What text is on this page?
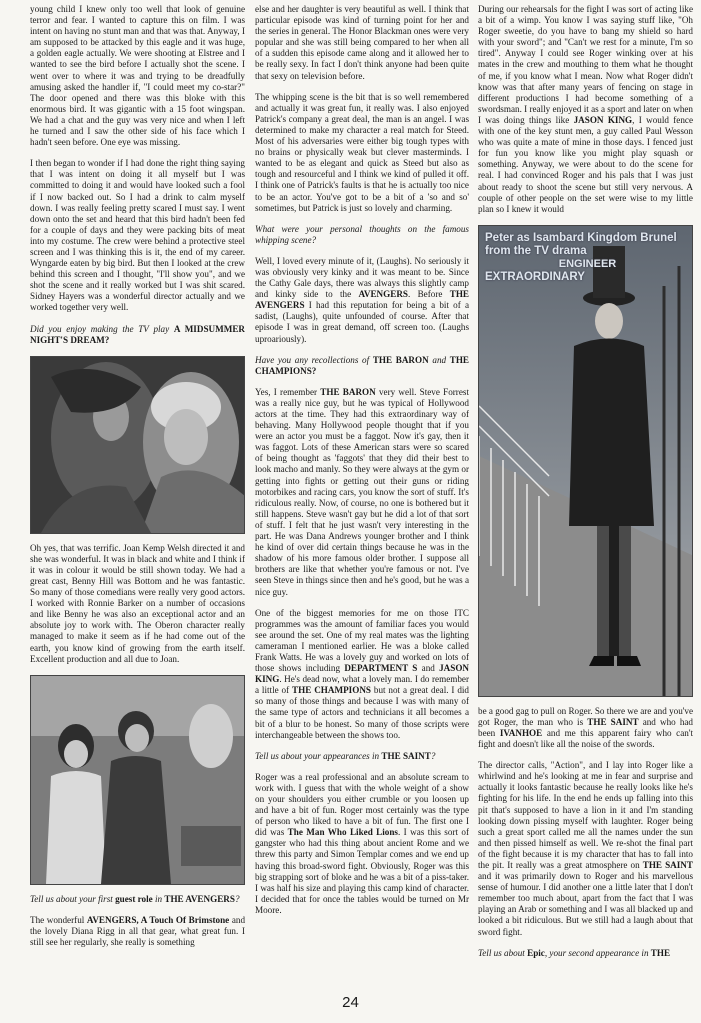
young child I knew only too well that look of genuine terror and fear. I wanted to capture this on film. I was intent on having no stunt man and that was that. Anyway, I am supposed to be attacked by this eagle and it was huge, a golden eagle actually. We were shooting at Elstree and I wanted to see the bird before I actually shot the scene. I went over to where it was and trying to be dreadfully amusing asked the handler if, "I could meet my co-star?" The door opened and there was this bloke with this enormous bird. It was gigantic with a 15 foot wingspan. We had a chat and the guy was very nice and when I left he turned and I saw the other side of his face which I hadn't seen before. One eye was missing.

I then began to wonder if I had done the right thing saying that I was intent on doing it all myself but I was committed to doing it and would have looked such a fool if I now backed out. So I had a drink to calm myself down. I was really feeling pretty scared I must say. I went down onto the set and heard that this bird hadn't been fed for a couple of days and they were packing bits of meat into my costume. The crew were behind a protective steel screen and I was thinking this is it, the end of my career. Wyngarde eaten by big bird. But then I looked at the crew behind this screen and I thought, "I'll show you", and we shot the scene and it really worked but I was shit scared. Sidney Hayers was a wonderful director actually and we worked together very well.

Did you enjoy making the TV play A MIDSUMMER NIGHT'S DREAM?

Oh yes, that was terrific. Joan Kemp Welsh directed it and she was wonderful. It was in black and white and I think if it was in colour it would be still shown today. We had a great cast, Benny Hill was Bottom and he was fantastic. So many of those comedians were really very good actors. I worked with Ronnie Barker on a number of occasions and like Benny he was also an exceptional actor and an absolute joy to work with. The Oberon character really managed to make it seem as if he had come out of the earth, you know kind of growing from the earth itself. Excellent production and all due to Joan.

Tell us about your first guest role in THE AVENGERS?

The wonderful AVENGERS, A Touch Of Brimstone and the lovely Diana Rigg in all that gear, what great fun. I still see her regularly, she really is something

else and her daughter is very beautiful as well. I think that particular episode was kind of turning point for her and the series in general. The Honor Blackman ones were very popular and she was still being compared to her when all of a sudden this episode came along and it allowed her to be really sexy. In fact I don't think anyone had been quite that sexy on television before.

The whipping scene is the bit that is so well remembered and actually it was great fun, it really was. I also enjoyed Patrick's company a great deal, the man is an angel. I was determined to make my character a real match for Steed. Most of his adversaries were either big tough types with no brains or physically weak but clever masterminds. I wanted to be as elegant and quick as Steed but also as tough and resourceful and I think we kind of pulled it off. I think one of Patrick's faults is that he is actually too nice to be an actor. You've got to be a bit of a 'so and so' sometimes, but Patrick is just so lovely and charming.

What were your personal thoughts on the famous whipping scene?

Well, I loved every minute of it, (Laughs). No seriously it was obviously very kinky and it was meant to be. Since the Cathy Gale days, there was always this slightly camp and kinky side to the AVENGERS. Before THE AVENGERS I had this reputation for being a bit of a sadist, (Laughs), quite unfounded of course. After that episode I was in great demand, off screen too. (Laughs uproariously).

Have you any recollections of THE BARON and THE CHAMPIONS?

Yes, I remember THE BARON very well. Steve Forrest was a really nice guy, but he was typical of Hollywood actors at the time. They had this extraordinary way of behaving. Many Hollywood people thought that if you were an actor you must be a faggot. Now it's gay, then it was faggot. Lots of these American stars were so scared of being thought as 'faggots' that they did their best to look macho and manly. So they were always at the gym or getting into fights or getting out their guns or riding motorbikes and racing cars, you know the sort of stuff. It's ridiculous really. Now, of course, no one is bothered but it still happens. Steve wasn't gay but he did a lot of that sort of stuff. I felt that he just wasn't very interesting in the part. He was Dana Andrews younger brother and I think he kind of over did certain things because he was in the shadow of his more famous older brother. I suppose all brothers are like that whether you're famous or not. I've seen Steve in things since then and he's good, but he was a nice guy.

One of the biggest memories for me on those ITC programmes was the amount of familiar faces you would see around the set. One of my real mates was the lighting cameraman I mentioned earlier. He was a bloke called Frank Watts. He was a lovely guy and worked on lots of those shows including DEPARTMENT S and JASON KING. He's dead now, what a lovely man. I do remember a little of THE CHAMPIONS but not a great deal. I did so many of those things and because I was with many of the same type of actors and technicians it all becomes a bit of a blur to be honest. So many of those scripts were interchangeable between the shows too.

Tell us about your appearances in THE SAINT?

Roger was a real professional and an absolute scream to work with. I guess that with the whole weight of a show on your shoulders you either crumble or you loosen up and have a bit of fun. Roger most certainly was the type of person who liked to have a bit of fun. The first one I did was The Man Who Liked Lions. I was this sort of gangster who had this thing about ancient Rome and we threw this party and Simon Templar comes and we end up having this broad-sword fight. Obviously, Roger was this big strapping sort of bloke and he was a bit of a piss-taker. I was half his size and playing this camp kind of character. I decided that for once the tables would be turned on Mr Moore.

During our rehearsals for the fight I was sort of acting like a bit of a wimp. You know I was saying stuff like, "Oh Roger sweetie, do you have to bang my shield so hard with your sword"; and "Can't we rest for a minute, I'm so tired". Anyway I could see Roger winking over at his mates in the crew and mouthing to them what he thought of me, if you know what I mean. Now what Roger didn't know was that after many years of fencing on stage in different productions I had become something of a swordsman. I really enjoyed it as a sport and later on when I was doing things like JASON KING, I would fence with one of the key stunt men, a guy called Paul Wesson who was quite a mate of mine in those days. I fenced just for fun you know like you might play squash or something. Anyway, we were about to do the scene for real. I had convinced Roger and his pals that I was just about ready to shoot the scene but still very nervous. A couple of other people on the set were wise to my little plan so I knew it would

Peter as Isambard Kingdom Brunel
from the TV drama

ENGINEER
EXTRAORDINARY

be a good gag to pull on Roger. So there we are and you've got Roger, the man who is THE SAINT and who had been IVANHOE and me this apparent fairy who can't fight and doesn't like all the noise of the swords.

The director calls, "Action", and I lay into Roger like a whirlwind and he's looking at me in fear and surprise and actually it looks fantastic because he really looks like he's fighting for his life. In the end he ends up falling into this pit that's supposed to have a lion in it and I'm standing looking down pissing myself with laughter. Roger being such a great sport called me all the names under the sun and then pissed himself as well. We re-shot the final part of the fight because it is my character that has to fall into the pit. It really was a great atmosphere on THE SAINT and it was primarily down to Roger and his marvellous sense of humour. I did another one a little later that I don't remember too much about, apart from the fact that I was playing an Arab or something and I was all blacked up and looked a bit ridiculous. But we still had a laugh about that sword fight.

Tell us about Epic, your second appearance in THE

24
